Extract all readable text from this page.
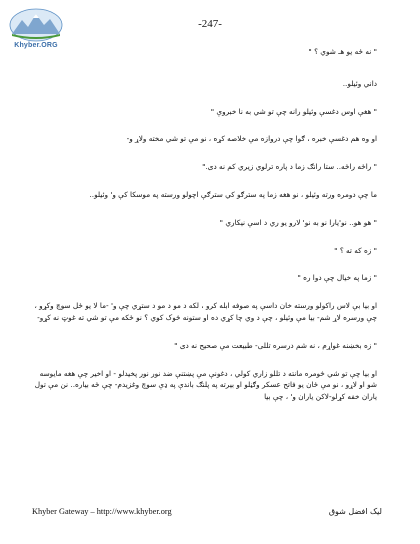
Khyber.ORG
-247-

" نه ځه يو هـ شوي ؟ "

داني وئيلو..

" هغې اوس دغسې وئيلو رانه چې تو شي به نا خبروې "

او وه هم دغسې خبره ، ګوا چې دروازه مې خلاصه کړه ، نو مې تو شي مخته ولاړ و-

" راځه راځه.. ستا رانګ زما د پاره ترلوي زيري کم نه دی."

ما چې دومره ورته وئيلو ، نو هغه زما په سترګو کي سترګې اچولو ورسته په موسکا کې و' وئيلو..

" هو هو.. نو'يارا نو به نو' لارو يو ري د اسې نيکاري "

" زه که ته ؟ "

" زما په خيال چې دوا ره "

او بيا بې لاس راکولو ورسته خان داسې په صوفه ابله کرو ، لکه د مو د مو د ستړي چې و' -ما لا يو ځل سوچ وکړو ، چې ورسره لاړ شم- بيا مې وئيلو ، چې د وي چا کړي ده او ستونه څوک کوي ؟ نو ځکه مې تو شي ته غوټ نه کړو-

" زه بخښنه غواړم ، نه شم درسره تللی- طبيعت مې صحيح نه دی "

او بيا چې تو شي څومره مانته د تللو زاري کولي ، دغونې مې پښتنې ضد نور نور پخيدلو - او اخير چې هغه مايوسه شو او لاړو ، نو مې ځان يو فاتح عسکر وګڼلو او بيرته په پلنګ باندې په ډې سوچ وغزيدم- چې ځه بياره.. نن مې تول ياران خفه کړلو-لاکن ياران و' ، چې بيا

Khyber Gateway – http://www.khyber.org	ليک افضل شوق
